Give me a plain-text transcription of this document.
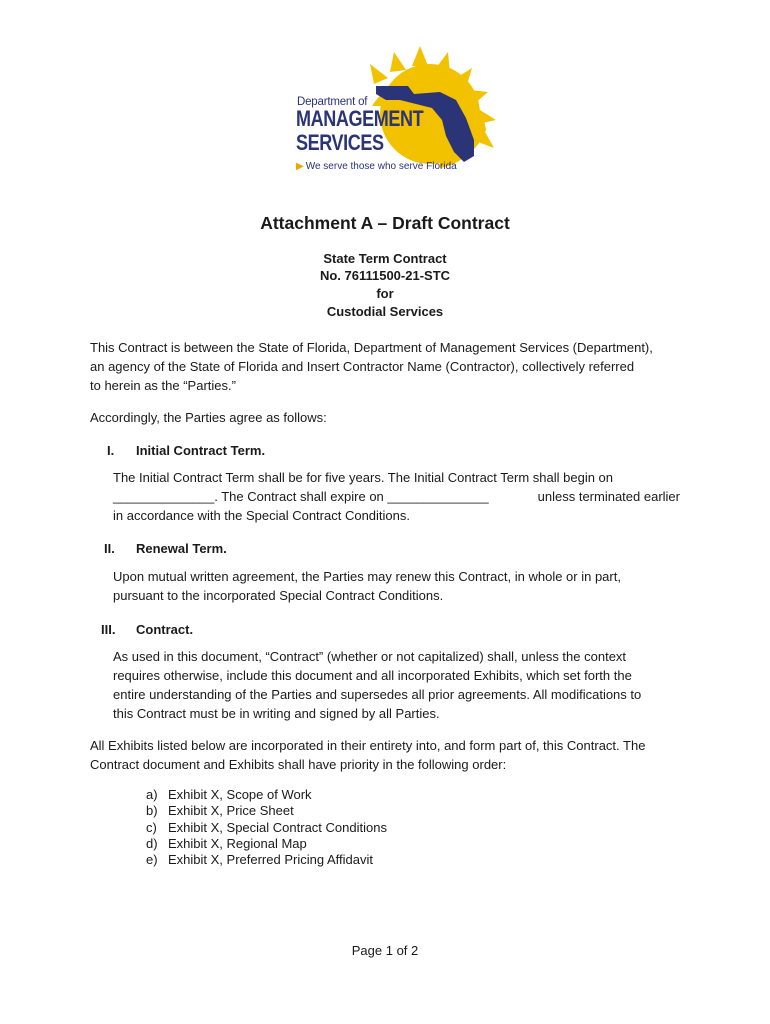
Department of
MANAGEMENT
SERVICES
▶ We serve those who serve Florida
Attachment A – Draft Contract
State Term Contract
No. 76111500-21-STC
for
Custodial Services
This Contract is between the State of Florida, Department of Management Services (Department),
an agency of the State of Florida and Insert Contractor Name (Contractor), collectively referred
to herein as the “Parties.”
Accordingly, the Parties agree as follows:
I. Initial Contract Term.
The Initial Contract Term shall be for five years. The Initial Contract Term shall begin on
______________. The Contract shall expire on ______________	unless terminated earlier
in accordance with the Special Contract Conditions.
II. Renewal Term.
Upon mutual written agreement, the Parties may renew this Contract, in whole or in part,
pursuant to the incorporated Special Contract Conditions.
III. Contract.
As used in this document, “Contract” (whether or not capitalized) shall, unless the context
requires otherwise, include this document and all incorporated Exhibits, which set forth the
entire understanding of the Parties and supersedes all prior agreements. All modifications to
this Contract must be in writing and signed by all Parties.
All Exhibits listed below are incorporated in their entirety into, and form part of, this Contract. The
Contract document and Exhibits shall have priority in the following order:
a) Exhibit X, Scope of Work
b) Exhibit X, Price Sheet
c) Exhibit X, Special Contract Conditions
d) Exhibit X, Regional Map
e) Exhibit X, Preferred Pricing Affidavit
Page 1 of 2
